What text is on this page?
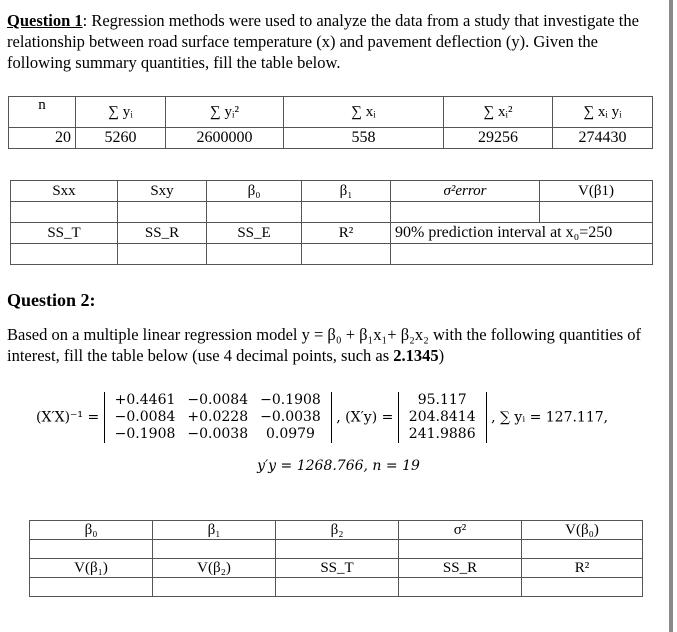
Question 1: Regression methods were used to analyze the data from a study that investigate the relationship between road surface temperature (x) and pavement deflection (y). Given the following summary quantities, fill the table below.
n	∑ yᵢ	∑ yᵢ²	∑ xᵢ	∑ xᵢ²	∑ xᵢ yᵢ
20	5260	2600000	558	29256	274430
Sxx	Sxy	β₀	β₁	σ²error	V(β1)

SS_T	SS_R	SS_E	R²	90% prediction interval at x₀=250	

Question 2:
Based on a multiple linear regression model y = β₀ + β₁x₁+ β₂x₂ with the following quantities of interest, fill the table below (use 4 decimal points, such as 2.1345)
(X′X)⁻¹ =
+0.4461	−0.0084	−0.1908
−0.0084	+0.0228	−0.0038
−0.1908	−0.0038	0.0979
, (X′y) =
95.117
204.8414
241.9886
, ∑ yᵢ = 127.117,
y′y = 1268.766, n = 19
β₀	β₁	β₂	σ²	V(β₀)

V(β₁)	V(β₂)	SS_T	SS_R	R²
